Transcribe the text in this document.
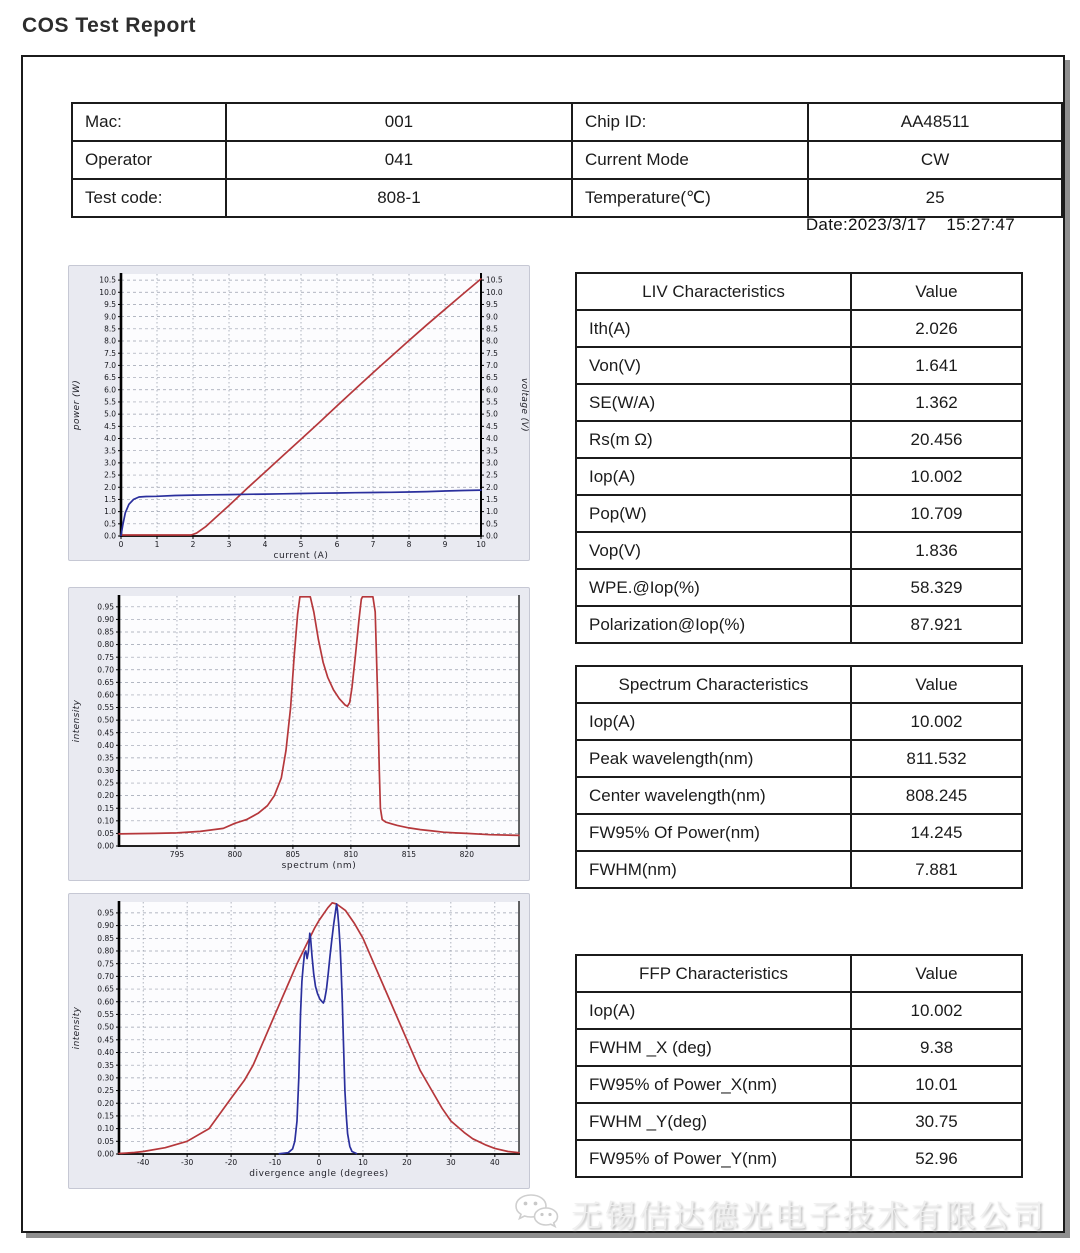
COS Test Report
Mac:	001	Chip ID:	AA48511
Operator	041	Current Mode	CW
Test code:	808-1	Temperature(℃)	25
Date:2023/3/17    15:27:47
0.0	0.0
0.5	0.5
1.0	1.0
1.5	1.5
2.0	2.0
2.5	2.5
3.0	3.0
3.5	3.5
4.0	4.0
4.5	4.5
5.0	5.0
5.5	5.5
6.0	6.0
6.5	6.5
7.0	7.0
7.5	7.5
8.0	8.0
8.5	8.5
9.0	9.0
9.5	9.5
10.0	10.0
10.5	10.5
0	1	2	3	4	5	6	7	8	9	10
current (A)
power (W)	voltage (V)
0.00
0.05
0.10
0.15
0.20
0.25
0.30
0.35
0.40
0.45
0.50
0.55
0.60
0.65
0.70
0.75
0.80
0.85
0.90
0.95
795	800	805	810	815	820
spectrum (nm)
intensity
0.00
0.05
0.10
0.15
0.20
0.25
0.30
0.35
0.40
0.45
0.50
0.55
0.60
0.65
0.70
0.75
0.80
0.85
0.90
0.95
-40	-30	-20	-10	0	10	20	30	40
divergence angle (degrees)
intensity
LIV Characteristics	Value
Ith(A)	2.026
Von(V)	1.641
SE(W/A)	1.362
Rs(m Ω)	20.456
Iop(A)	10.002
Pop(W)	10.709
Vop(V)	1.836
WPE.@Iop(%)	58.329
Polarization@Iop(%)	87.921
Spectrum Characteristics	Value
Iop(A)	10.002
Peak wavelength(nm)	811.532
Center wavelength(nm)	808.245
FW95% Of Power(nm)	14.245
FWHM(nm)	7.881
FFP Characteristics	Value
Iop(A)	10.002
FWHM _X (deg)	9.38
FW95% of Power_X(nm)	10.01
FWHM _Y(deg)	30.75
FW95% of Power_Y(nm)	52.96
无锡佶达德光电子技术有限公司
